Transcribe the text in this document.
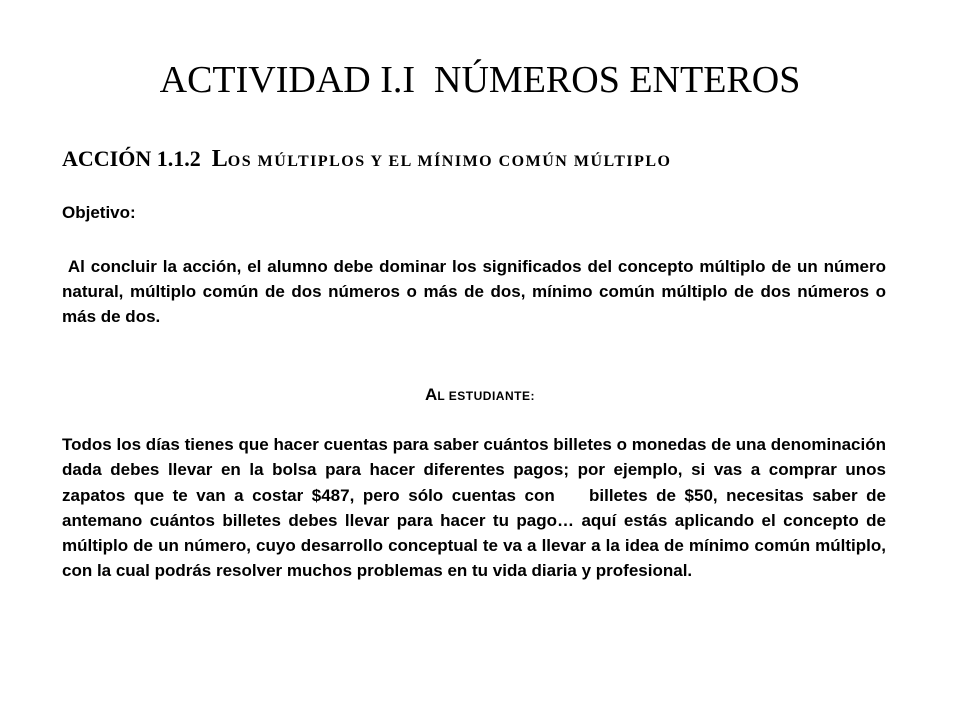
ACTIVIDAD I.I  NÚMEROS ENTEROS
ACCIÓN 1.1.2  LOS MÚLTIPLOS Y EL MÍNIMO COMÚN MÚLTIPLO
Objetivo:

Al concluir la acción, el alumno debe dominar los significados del concepto múltiplo de un número natural, múltiplo común de dos números o más de dos, mínimo común múltiplo de dos números o más de dos.

AL ESTUDIANTE:

Todos los días tienes que hacer cuentas para saber cuántos billetes o monedas de una denominación dada debes llevar en la bolsa para hacer diferentes pagos; por ejemplo, si vas a comprar unos zapatos que te van a costar $487, pero sólo cuentas con    billetes de $50, necesitas saber de antemano cuántos billetes debes llevar para hacer tu pago… aquí estás aplicando el concepto de múltiplo de un número, cuyo desarrollo conceptual te va a llevar a la idea de mínimo común múltiplo, con la cual podrás resolver muchos problemas en tu vida diaria y profesional.
